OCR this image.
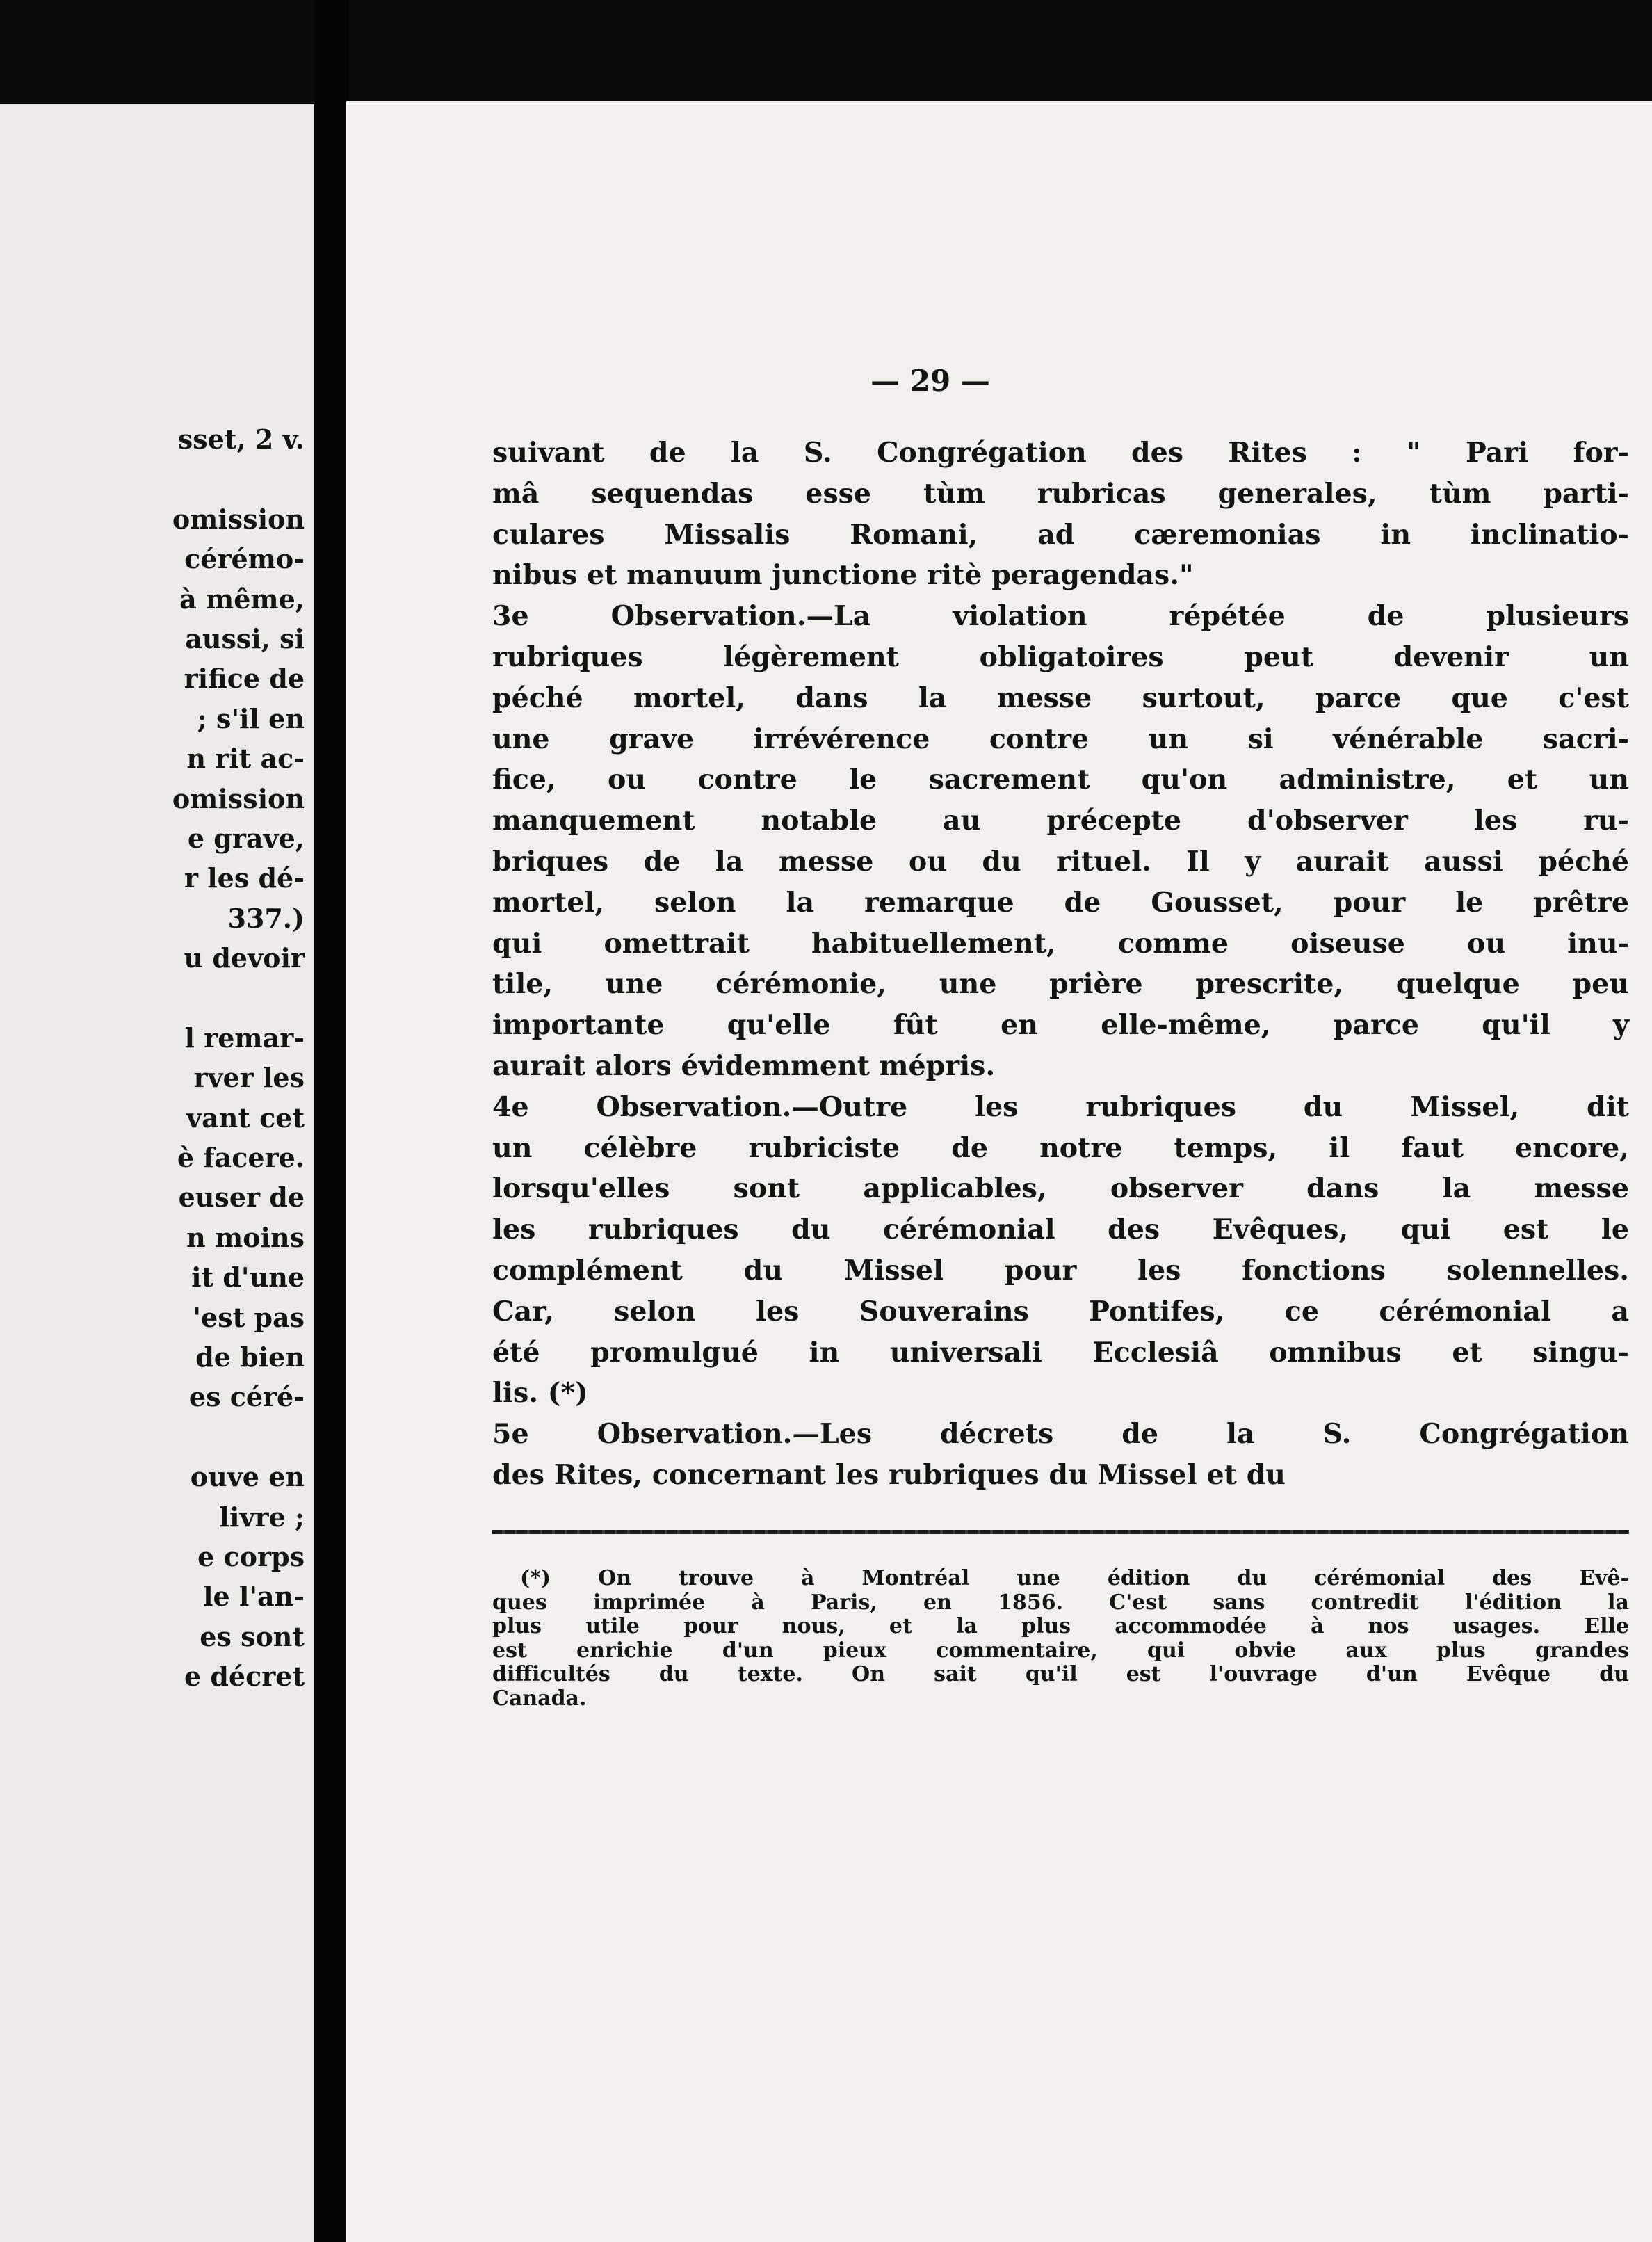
sset, 2 v.
omission
cérémo-
à même,
aussi, si
rifice de
; s'il en
n rit ac-
omission
e grave,
r les dé-
337.)
u devoir
l remar-
rver les
vant cet
è facere.
euser de
n moins
it d'une
'est pas
de bien
es céré-
ouve en
livre ;
e corps
le l'an-
es sont
e décret
— 29 —
suivant de la S. Congrégation des Rites : " Pari for-
mâ sequendas esse tùm rubricas generales, tùm parti-
culares Missalis Romani, ad cæremonias in inclinatio-
nibus et manuum junctione ritè peragendas."
3e Observation.—La violation répétée de plusieurs
rubriques légèrement obligatoires peut devenir un
péché mortel, dans la messe surtout, parce que c'est
une grave irrévérence contre un si vénérable sacri-
fice, ou contre le sacrement qu'on administre, et un
manquement notable au précepte d'observer les ru-
briques de la messe ou du rituel. Il y aurait aussi péché
mortel, selon la remarque de Gousset, pour le prêtre
qui omettrait habituellement, comme oiseuse ou inu-
tile, une cérémonie, une prière prescrite, quelque peu
importante qu'elle fût en elle-même, parce qu'il y
aurait alors évidemment mépris.
4e Observation.—Outre les rubriques du Missel, dit
un célèbre rubriciste de notre temps, il faut encore,
lorsqu'elles sont applicables, observer dans la messe
les rubriques du cérémonial des Evêques, qui est le
complément du Missel pour les fonctions solennelles.
Car, selon les Souverains Pontifes, ce cérémonial a
été promulgué in universali Ecclesiâ omnibus et singu-
lis. (*)
5e Observation.—Les décrets de la S. Congrégation
des Rites, concernant les rubriques du Missel et du
(*) On trouve à Montréal une édition du cérémonial des Evê-
ques imprimée à Paris, en 1856. C'est sans contredit l'édition la
plus utile pour nous, et la plus accommodée à nos usages. Elle
est enrichie d'un pieux commentaire, qui obvie aux plus grandes
difficultés du texte. On sait qu'il est l'ouvrage d'un Evêque du
Canada.
